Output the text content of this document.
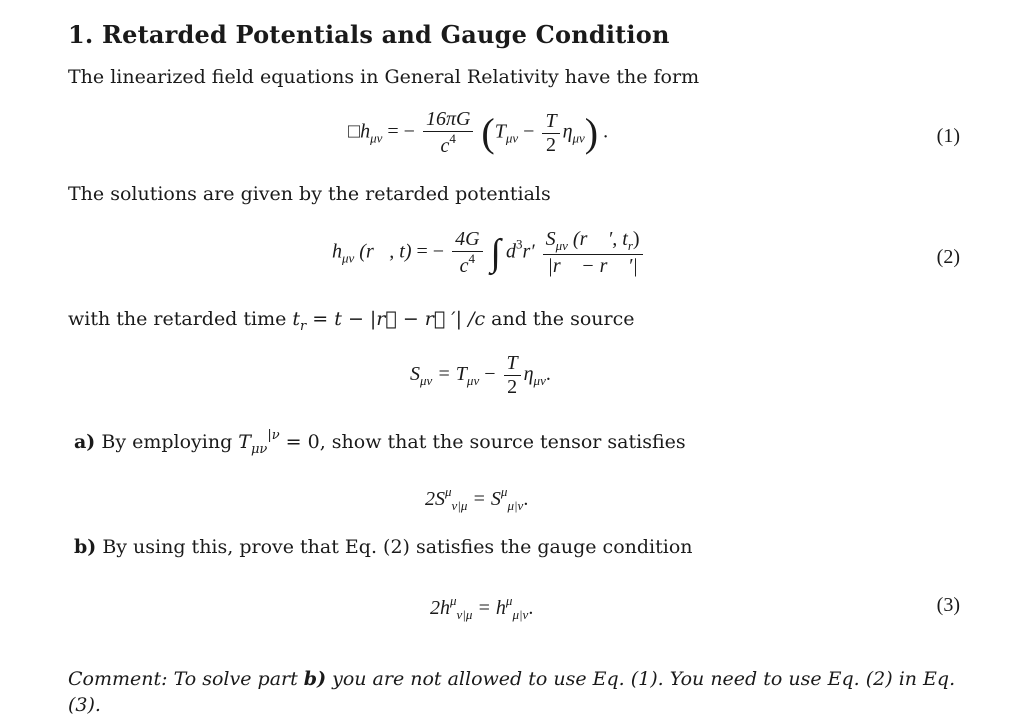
1. Retarded Potentials and Gauge Condition
The linearized field equations in General Relativity have the form
$□h_{\mu\nu}$ = − $\frac{16\pi G}{c^4} (T_{\mu\nu} - \frac{T}{2} \eta_{\mu\nu})$ .	(1)
The solutions are given by the retarded potentials
$h_{\mu\nu}$ (r⃗, t) = − $\frac{4G}{c^4}$ ∫ $d^3r' \frac{S_{\mu\nu} (r⃗ ', t_r)}{|r⃗ - r⃗ '|}$	(2)
with the retarded time $t_r = t$ − |r⃗ − r⃗ ′| /c and the source
$S_{\mu\nu} = T_{\mu\nu} - \frac{T}{2} \eta_{\mu\nu}$.
a) By employing $T_{\mu\nu}^{|\nu} = 0$, show that the source tensor satisfies
$2S^\mu_{\nu|\mu} = S^\mu_{\mu|\nu}$.
b) By using this, prove that Eq. (2) satisfies the gauge condition
$2h^\mu_{\nu|\mu} = h^\mu_{\mu|\nu}$.	(3)
Comment: To solve part b) you are not allowed to use Eq. (1). You need to use Eq. (2) in Eq. (3).
